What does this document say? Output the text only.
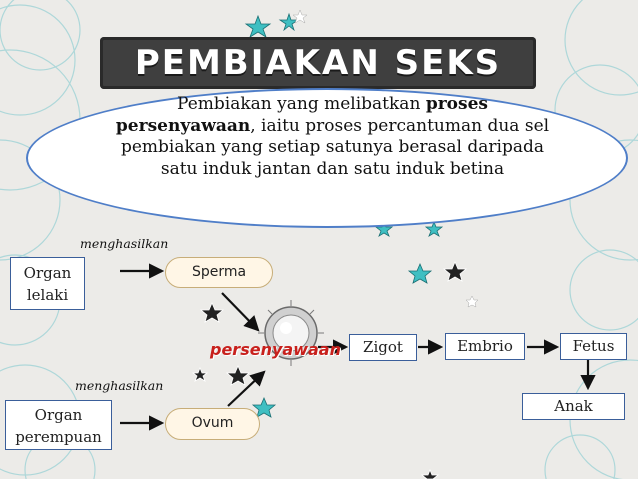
PEMBIAKAN SEKS
Pembiakan yang melibatkan proses persenyawaan, iaitu proses percantuman dua sel pembiakan yang setiap satunya berasal daripada satu induk jantan dan satu induk betina
menghasilkan
menghasilkan
Organ lelaki
Organ perempuan
Sperma
Ovum
persenyawaan	Zigot	Embrio	Fetus
Anak
